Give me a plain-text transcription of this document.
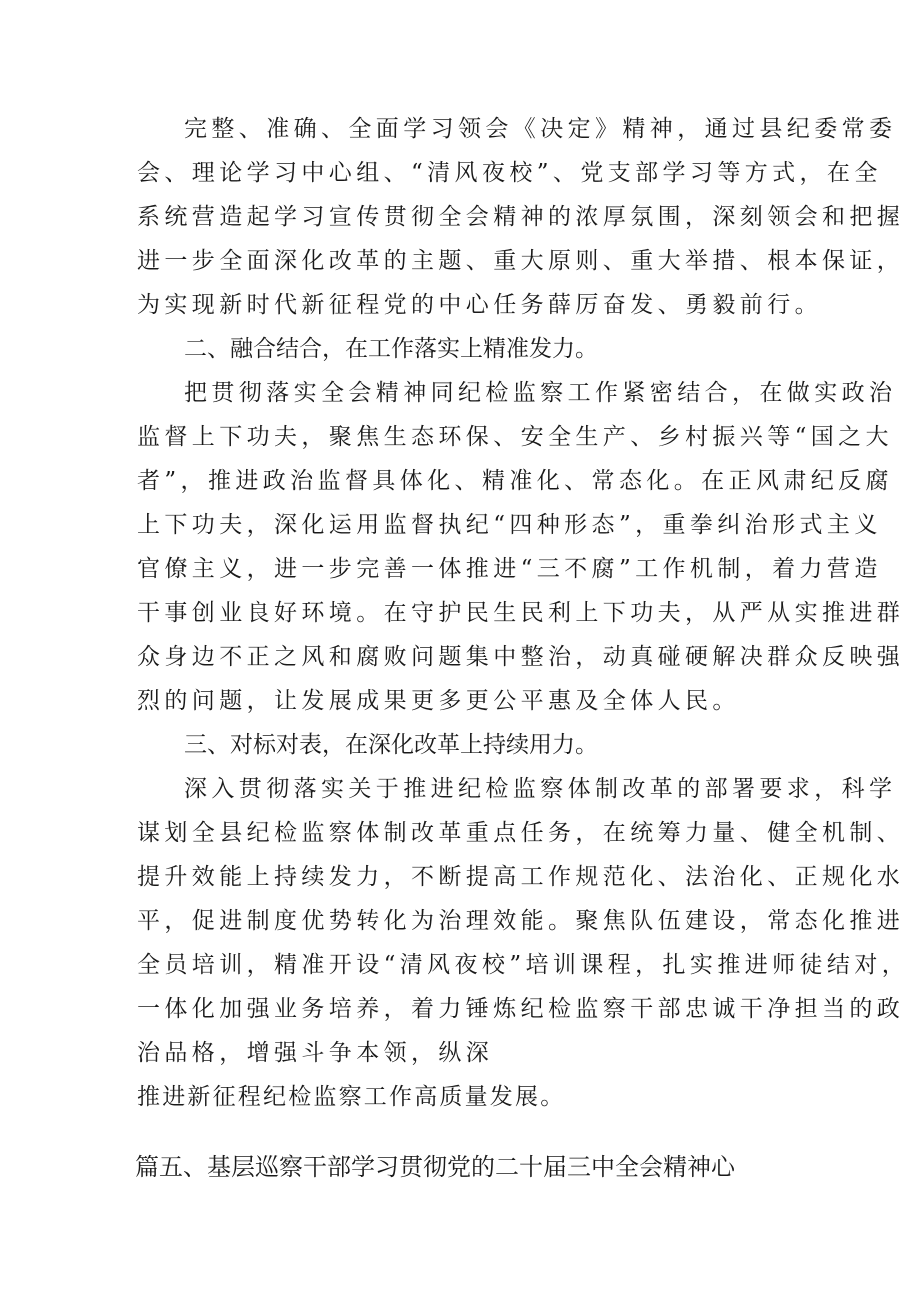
完整、准确、全面学习领会《决定》精神，通过县纪委常委
会、理论学习中心组、“清风夜校”、党支部学习等方式，在全
系统营造起学习宣传贯彻全会精神的浓厚氛围，深刻领会和把握
进一步全面深化改革的主题、重大原则、重大举措、根本保证，
为实现新时代新征程党的中心任务薛厉奋发、勇毅前行。
二、融合结合，在工作落实上精准发力。
把贯彻落实全会精神同纪检监察工作紧密结合，在做实政治
监督上下功夫，聚焦生态环保、安全生产、乡村振兴等“国之大
者”，推进政治监督具体化、精准化、常态化。在正风肃纪反腐
上下功夫，深化运用监督执纪“四种形态”，重拳纠治形式主义
官僚主义，进一步完善一体推进“三不腐”工作机制，着力营造
干事创业良好环境。在守护民生民利上下功夫，从严从实推进群
众身边不正之风和腐败问题集中整治，动真碰硬解决群众反映强
烈的问题，让发展成果更多更公平惠及全体人民。
三、对标对表，在深化改革上持续用力。
深入贯彻落实关于推进纪检监察体制改革的部署要求，科学
谋划全县纪检监察体制改革重点任务，在统筹力量、健全机制、
提升效能上持续发力，不断提高工作规范化、法治化、正规化水
平，促进制度优势转化为治理效能。聚焦队伍建设，常态化推进
全员培训，精准开设“清风夜校”培训课程，扎实推进师徒结对，
一体化加强业务培养，着力锤炼纪检监察干部忠诚干净担当的政
治品格，增强斗争本领，纵深
推进新征程纪检监察工作高质量发展。
篇五、基层巡察干部学习贯彻党的二十届三中全会精神心
